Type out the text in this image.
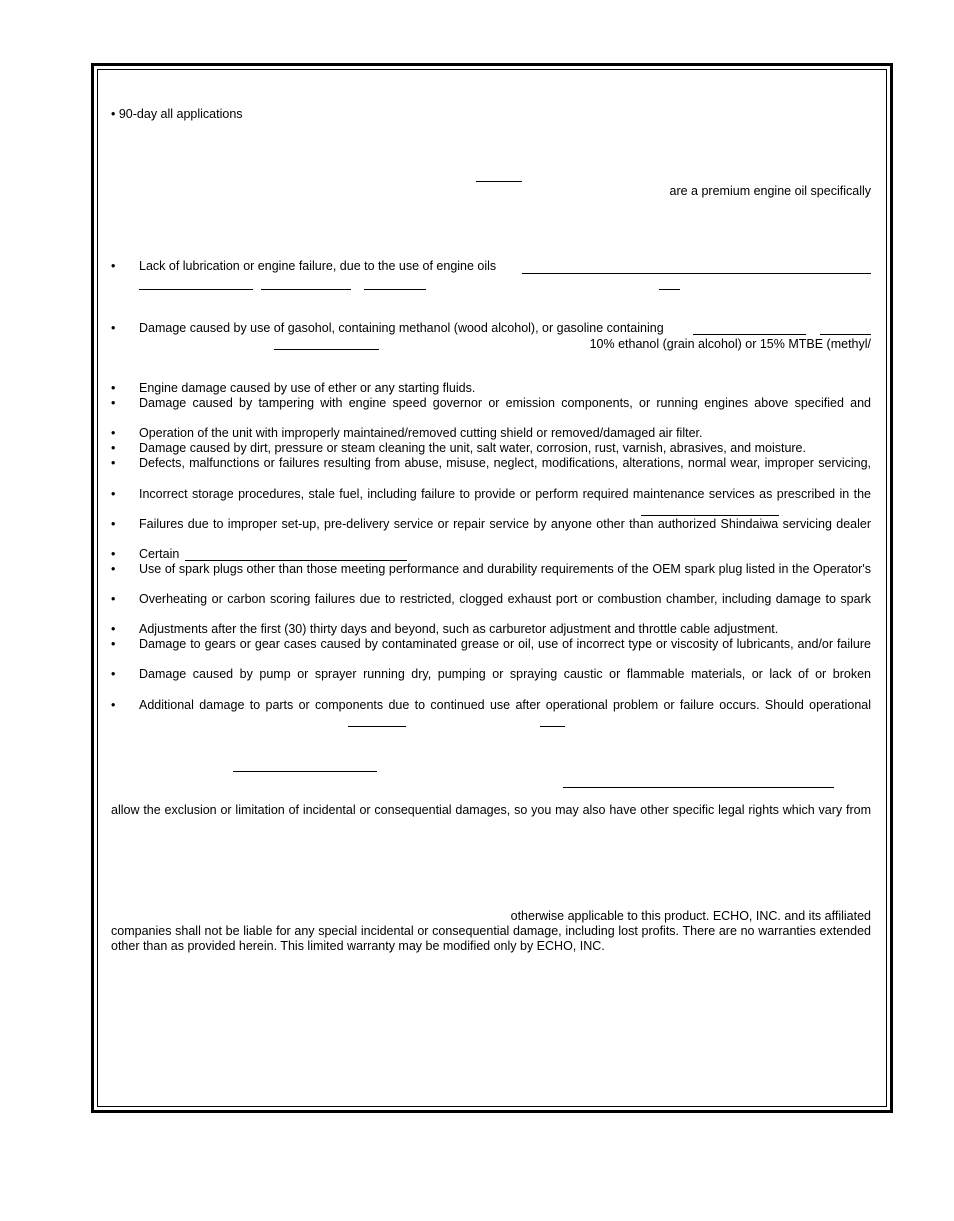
• 90-day all applications
are a premium engine oil specifically
• Lack of lubrication or engine failure, due to the use of engine oils
• Damage caused by use of gasohol, containing methanol (wood alcohol), or gasoline containing
10% ethanol (grain alcohol) or 15% MTBE (methyl/
• Engine damage caused by use of ether or any starting fluids.
• Damage caused by tampering with engine speed governor or emission components, or running engines above specified and
• Operation of the unit with improperly maintained/removed cutting shield or removed/damaged air filter.
• Damage caused by dirt, pressure or steam cleaning the unit, salt water, corrosion, rust, varnish, abrasives, and moisture.
• Defects, malfunctions or failures resulting from abuse, misuse, neglect, modifications, alterations, normal wear, improper servicing,
• Incorrect storage procedures, stale fuel, including failure to provide or perform required maintenance services as prescribed in the
• Failures due to improper set-up, pre-delivery service or repair service by anyone other than authorized Shindaiwa servicing dealer
• Certain
• Use of spark plugs other than those meeting performance and durability requirements of the OEM spark plug listed in the Operator's
• Overheating or carbon scoring failures due to restricted, clogged exhaust port or combustion chamber, including damage to spark
• Adjustments after the first (30) thirty days and beyond, such as carburetor adjustment and throttle cable adjustment.
• Damage to gears or gear cases caused by contaminated grease or oil, use of incorrect type or viscosity of lubricants, and/or failure
• Damage caused by pump or sprayer running dry, pumping or spraying caustic or flammable materials, or lack of or broken
• Additional damage to parts or components due to continued use after operational problem or failure occurs. Should operational
allow the exclusion or limitation of incidental or consequential damages, so you may also have other specific legal rights which vary from
otherwise applicable to this product. ECHO, INC. and its affiliated
companies shall not be liable for any special incidental or consequential damage, including lost profits. There are no warranties extended
other than as provided herein. This limited warranty may be modified only by ECHO, INC.
